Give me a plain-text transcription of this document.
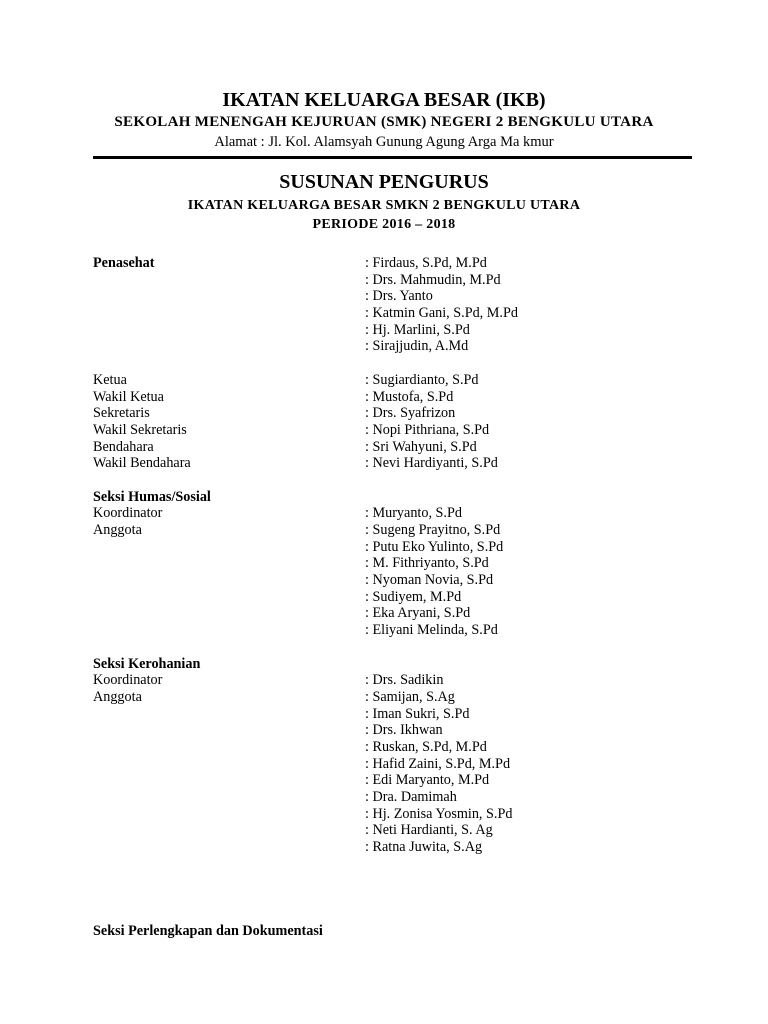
IKATAN KELUARGA BESAR (IKB)
SEKOLAH MENENGAH KEJURUAN (SMK) NEGERI 2 BENGKULU UTARA
Alamat : Jl. Kol. Alamsyah Gunung Agung Arga Ma kmur
SUSUNAN PENGURUS
IKATAN KELUARGA BESAR SMKN 2 BENGKULU UTARA
PERIODE 2016 – 2018
Penasehat	: Firdaus, S.Pd, M.Pd
: Drs. Mahmudin, M.Pd
: Drs. Yanto
: Katmin Gani, S.Pd, M.Pd
: Hj. Marlini, S.Pd
: Sirajjudin, A.Md
Ketua	: Sugiardianto, S.Pd
Wakil Ketua	: Mustofa, S.Pd
Sekretaris	: Drs. Syafrizon
Wakil Sekretaris	: Nopi Pithriana, S.Pd
Bendahara	: Sri Wahyuni, S.Pd
Wakil Bendahara	: Nevi Hardiyanti, S.Pd
Seksi Humas/Sosial
Koordinator	: Muryanto, S.Pd
Anggota	: Sugeng Prayitno, S.Pd
: Putu Eko Yulinto, S.Pd
: M. Fithriyanto, S.Pd
: Nyoman Novia, S.Pd
: Sudiyem, M.Pd
: Eka Aryani, S.Pd
: Eliyani Melinda, S.Pd
Seksi Kerohanian
Koordinator	: Drs. Sadikin
Anggota	: Samijan, S.Ag
: Iman Sukri, S.Pd
: Drs. Ikhwan
: Ruskan, S.Pd, M.Pd
: Hafid Zaini, S.Pd, M.Pd
: Edi Maryanto, M.Pd
: Dra. Damimah
: Hj. Zonisa Yosmin, S.Pd
: Neti Hardianti, S. Ag
: Ratna Juwita, S.Ag
Seksi Perlengkapan dan Dokumentasi
